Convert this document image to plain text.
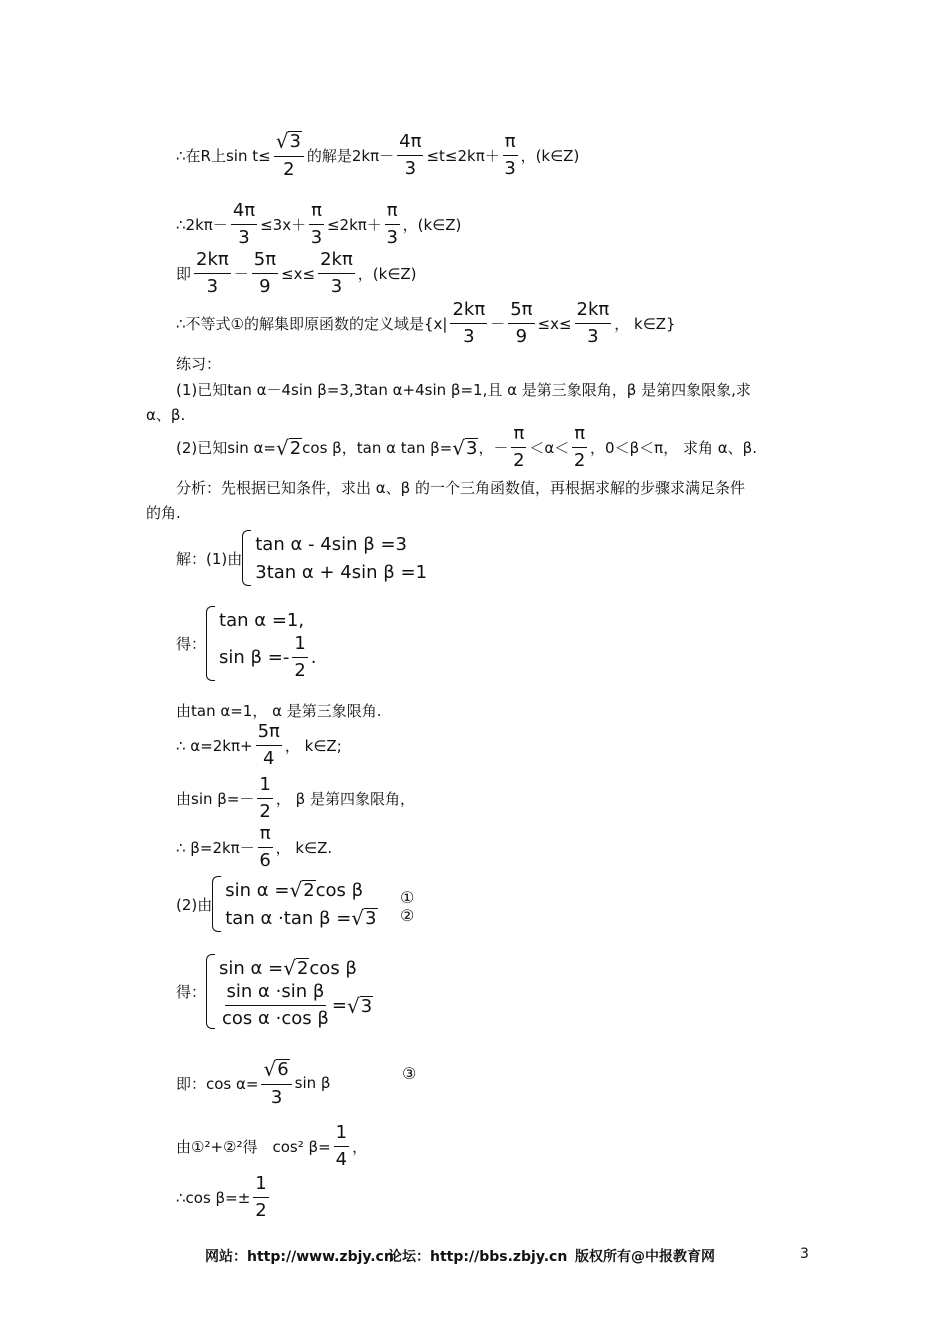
∴在R上$\sin t\le \frac{√ 3}{2}$ 的解是$2k\pi- \frac{4\pi}{3} \le t\le 2k\pi+ \frac{\pi}{3}$ ，(k∈Z)
∴2kπ－ $\frac{4\pi}{3} \le 3x+ \frac{\pi}{3} \le 2k\pi+ \frac{\pi}{3}$ ，(k∈Z)
即 $\frac{2k\pi}{3} - \frac{5\pi}{9} \le x\le \frac{2k\pi}{3}$ ，(k∈Z)
∴不等式①的解集即原函数的定义域是{$x| \frac{2k\pi}{3} - \frac{5\pi}{9} \le x\le \frac{2k\pi}{3}$ ， k∈Z}
练习：
(1)已知tan α－4sin β=3,3tan α+4sin β=1,且 α 是第三象限角，β 是第四象限象,求
α、β.
(2)已知sin α= √ 2 cos β，tan α tan β= √ 3 ，－ $\frac{\pi}{2} <\alpha< \frac{\pi}{2}$ ，0＜β＜π， 求角 α、β.
分析：先根据已知条件，求出 α、β 的一个三角函数值，再根据求解的步骤求满足条件
的角.
解：(1)由
tan α - 4sin β =3
3tan α + 4sin β =1
得：
tan α =1,
$\sin \beta =- \frac{1}{2}$ .
由tan α=1， α 是第三象限角.
∴ $\alpha=2k\pi+ \frac{5\pi}{4}$ ， k∈Z;
由$\sin \beta=- \frac{1}{2}$ ， β 是第四象限角，
∴ $\beta=2k\pi- \frac{\pi}{6}$ ， k∈Z.
(2)由
sin α = √ 2 cos β
tan α ·tan β = √ 3
①
②
得：
sin α = √ 2 cos β
$\frac{\text{sin α ·sin β}}{\text{cos α ·cos β}}$ = √ 3
即：$\cos \alpha= \frac{√ 6}{3}$ sin β	③
由①²+②²得　cos² $\beta= \frac{1}{4}$ ，
∴cos $\beta=\pm \frac{1}{2}$
网站：http://www.zbjy.cn
论坛：http://bbs.zbjy.cn 版权所有@中报教育网	3
